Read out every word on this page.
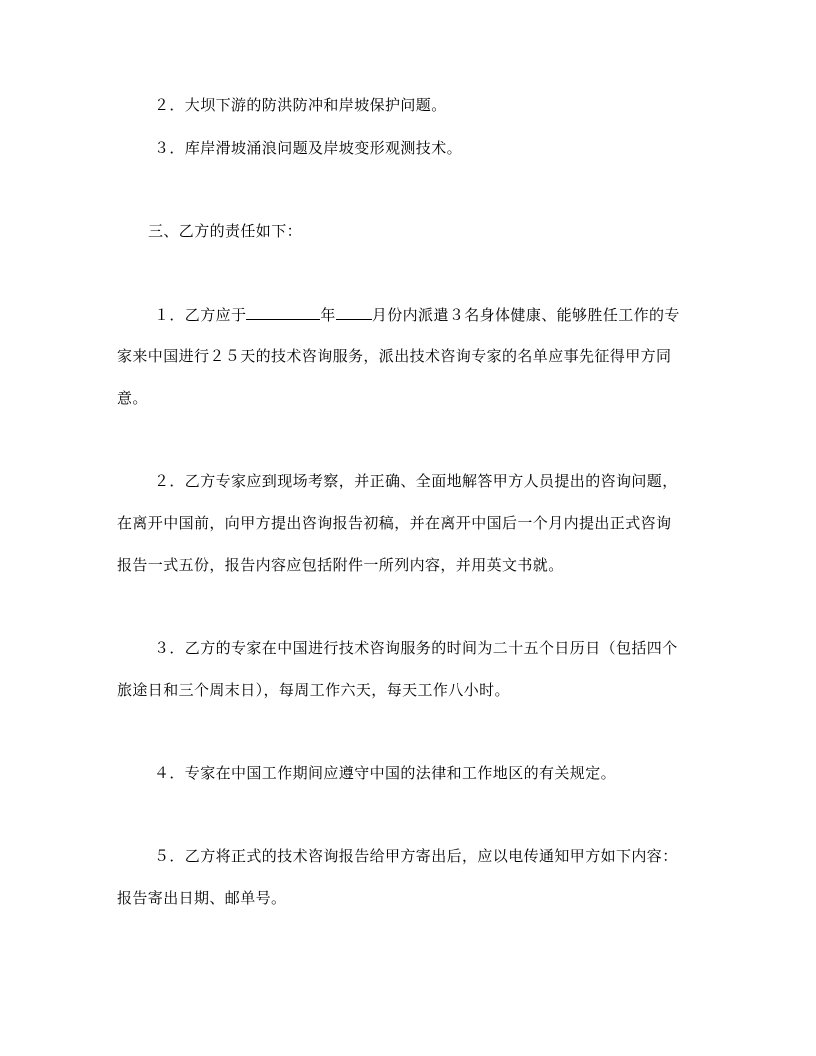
２．大坝下游的防洪防冲和岸坡保护问题。
３．库岸滑坡涌浪问题及岸坡变形观测技术。
三、乙方的责任如下：
１．乙方应于	年 月份内派遣３名身体健康、能够胜任工作的专
家来中国进行２５天的技术咨询服务，派出技术咨询专家的名单应事先征得甲方同
意。
２．乙方专家应到现场考察，并正确、全面地解答甲方人员提出的咨询问题，
在离开中国前，向甲方提出咨询报告初稿，并在离开中国后一个月内提出正式咨询
报告一式五份，报告内容应包括附件一所列内容，并用英文书就。
３．乙方的专家在中国进行技术咨询服务的时间为二十五个日历日（包括四个
旅途日和三个周末日），每周工作六天，每天工作八小时。
４．专家在中国工作期间应遵守中国的法律和工作地区的有关规定。
５．乙方将正式的技术咨询报告给甲方寄出后，应以电传通知甲方如下内容：
报告寄出日期、邮单号。
